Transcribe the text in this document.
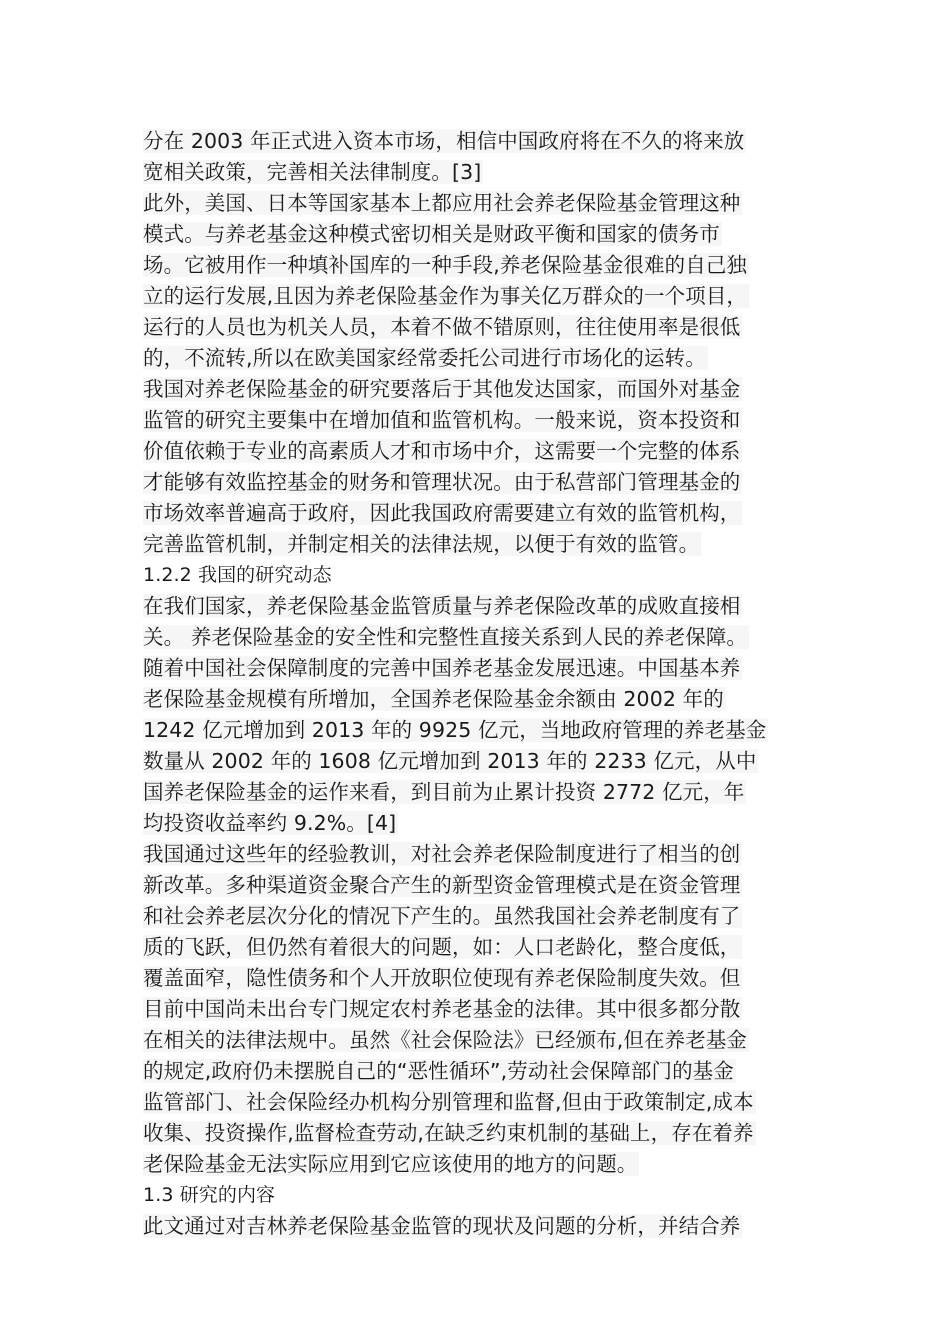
分在 2003 年正式进入资本市场，相信中国政府将在不久的将来放
宽相关政策，完善相关法律制度。[3]
此外，美国、日本等国家基本上都应用社会养老保险基金管理这种
模式。与养老基金这种模式密切相关是财政平衡和国家的债务市
场。它被用作一种填补国库的一种手段,养老保险基金很难的自己独
立的运行发展,且因为养老保险基金作为事关亿万群众的一个项目，
运行的人员也为机关人员，本着不做不错原则，往往使用率是很低
的，不流转,所以在欧美国家经常委托公司进行市场化的运转。
我国对养老保险基金的研究要落后于其他发达国家，而国外对基金
监管的研究主要集中在增加值和监管机构。一般来说，资本投资和
价值依赖于专业的高素质人才和市场中介，这需要一个完整的体系
才能够有效监控基金的财务和管理状况。由于私营部门管理基金的
市场效率普遍高于政府，因此我国政府需要建立有效的监管机构，
完善监管机制，并制定相关的法律法规，以便于有效的监管。
1.2.2 我国的研究动态
在我们国家，养老保险基金监管质量与养老保险改革的成败直接相
关。 养老保险基金的安全性和完整性直接关系到人民的养老保障。
随着中国社会保障制度的完善中国养老基金发展迅速。中国基本养
老保险基金规模有所增加，全国养老保险基金余额由 2002 年的
1242 亿元增加到 2013 年的 9925 亿元，当地政府管理的养老基金
数量从 2002 年的 1608 亿元增加到 2013 年的 2233 亿元，从中
国养老保险基金的运作来看，到目前为止累计投资 2772 亿元，年
均投资收益率约 9.2%。[4]
我国通过这些年的经验教训，对社会养老保险制度进行了相当的创
新改革。多种渠道资金聚合产生的新型资金管理模式是在资金管理
和社会养老层次分化的情况下产生的。虽然我国社会养老制度有了
质的飞跃，但仍然有着很大的问题，如：人口老龄化，整合度低，
覆盖面窄，隐性债务和个人开放职位使现有养老保险制度失效。但
目前中国尚未出台专门规定农村养老基金的法律。其中很多都分散
在相关的法律法规中。虽然《社会保险法》已经颁布,但在养老基金
的规定,政府仍未摆脱自己的“恶性循环”,劳动社会保障部门的基金
监管部门、社会保险经办机构分别管理和监督,但由于政策制定,成本
收集、投资操作,监督检查劳动,在缺乏约束机制的基础上，存在着养
老保险基金无法实际应用到它应该使用的地方的问题。
1.3 研究的内容
此文通过对吉林养老保险基金监管的现状及问题的分析，并结合养
